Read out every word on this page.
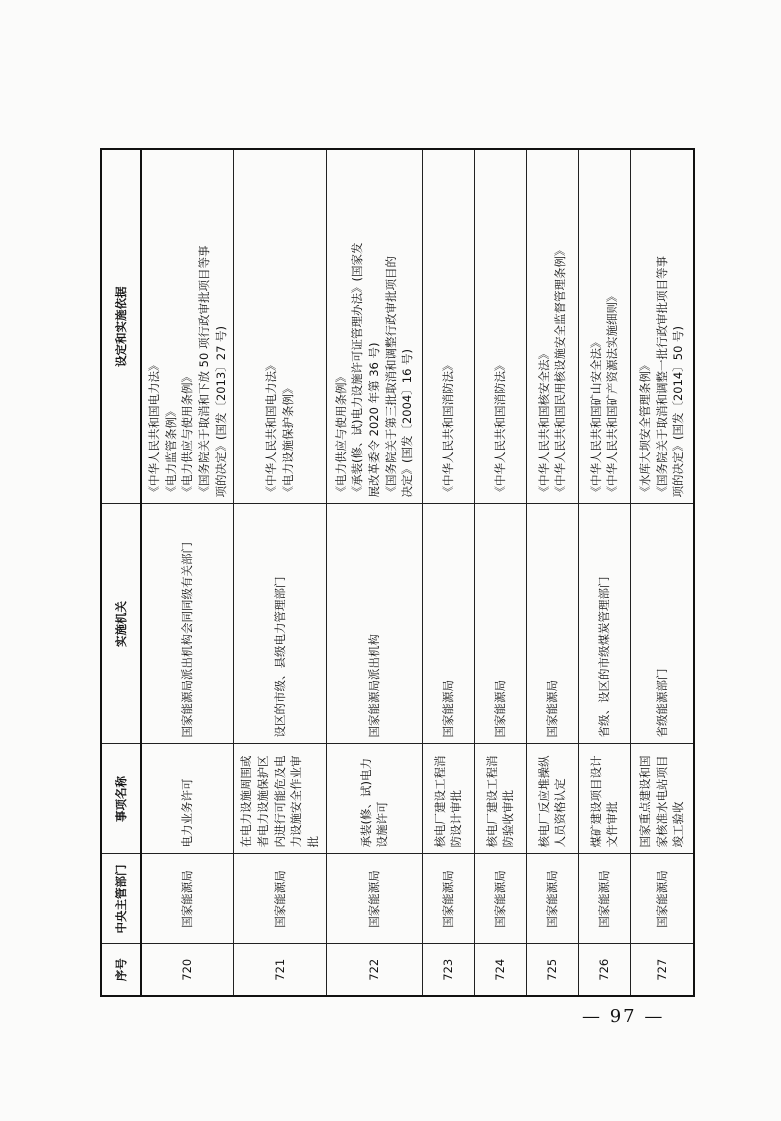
序号	中央主管部门	事项名称	实施机关	设定和实施依据
720	国家能源局	电力业务许可	国家能源局派出机构会同同级有关部门	《中华人民共和国电力法》 《电力监管条例》 《电力供应与使用条例》 《国务院关于取消和下放 50 项行政审批项目等事 项的决定》(国发〔2013〕27 号)

721	国家能源局	在电力设施周围或者电力设施保护区内进行可能危及电力设施安全作业审批	设区的市级、县级电力管理部门	《中华人民共和国电力法》 《电力设施保护条例》

722	国家能源局	承装(修、试)电力设施许可	国家能源局派出机构	《电力供应与使用条例》 《承装(修、试)电力设施许可证管理办法》(国家发 展改革委令 2020 年第 36 号) 《国务院关于第三批取消和调整行政审批项目的 决定》(国发〔2004〕16 号)

723	国家能源局	核电厂建设工程消防设计审批	国家能源局	《中华人民共和国消防法》

724	国家能源局	核电厂建设工程消防验收审批	国家能源局	《中华人民共和国消防法》

725	国家能源局	核电厂反应堆操纵人员资格认定	国家能源局	《中华人民共和国核安全法》 《中华人民共和国民用核设施安全监督管理条例》

726	国家能源局	煤矿建设项目设计文件审批	省级、设区的市级煤炭管理部门	《中华人民共和国矿山安全法》 《中华人民共和国矿产资源法实施细则》

727	国家能源局	国家重点建设和国家核准水电站项目竣工验收	省级能源部门	《水库大坝安全管理条例》 《国务院关于取消和调整一批行政审批项目等事 项的决定》(国发〔2014〕50 号)
— 97 —
